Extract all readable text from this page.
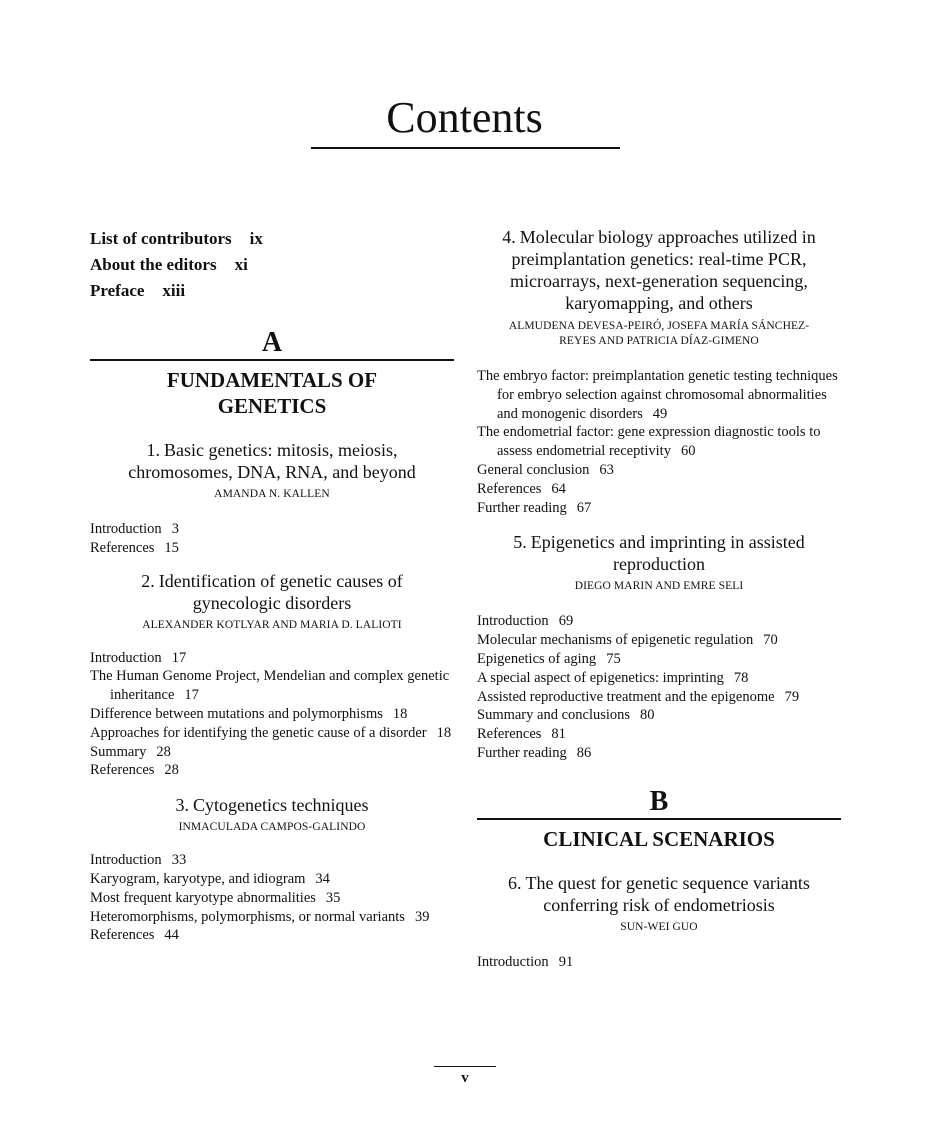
Contents
List of contributors ix
About the editors xi
Preface xiii
A
FUNDAMENTALS OF
GENETICS
1. Basic genetics: mitosis, meiosis,
chromosomes, DNA, RNA, and beyond
AMANDA N. KALLEN
Introduction 3
References 15
2. Identification of genetic causes of
gynecologic disorders
ALEXANDER KOTLYAR AND MARIA D. LALIOTI
Introduction 17
The Human Genome Project, Mendelian and complex genetic inheritance 17
Difference between mutations and polymorphisms 18
Approaches for identifying the genetic cause of a disorder 18
Summary 28
References 28
3. Cytogenetics techniques
INMACULADA CAMPOS-GALINDO
Introduction 33
Karyogram, karyotype, and idiogram 34
Most frequent karyotype abnormalities 35
Heteromorphisms, polymorphisms, or normal variants 39
References 44
4. Molecular biology approaches utilized in
preimplantation genetics: real-time PCR,
microarrays, next-generation sequencing,
karyomapping, and others
ALMUDENA DEVESA-PEIRÓ, JOSEFA MARÍA SÁNCHEZ-
REYES AND PATRICIA DÍAZ-GIMENO
The embryo factor: preimplantation genetic testing techniques for embryo selection against chromosomal abnormalities and monogenic disorders 49
The endometrial factor: gene expression diagnostic tools to assess endometrial receptivity 60
General conclusion 63
References 64
Further reading 67
5. Epigenetics and imprinting in assisted
reproduction
DIEGO MARIN AND EMRE SELI
Introduction 69
Molecular mechanisms of epigenetic regulation 70
Epigenetics of aging 75
A special aspect of epigenetics: imprinting 78
Assisted reproductive treatment and the epigenome 79
Summary and conclusions 80
References 81
Further reading 86
B
CLINICAL SCENARIOS
6. The quest for genetic sequence variants
conferring risk of endometriosis
SUN-WEI GUO
Introduction 91
v
